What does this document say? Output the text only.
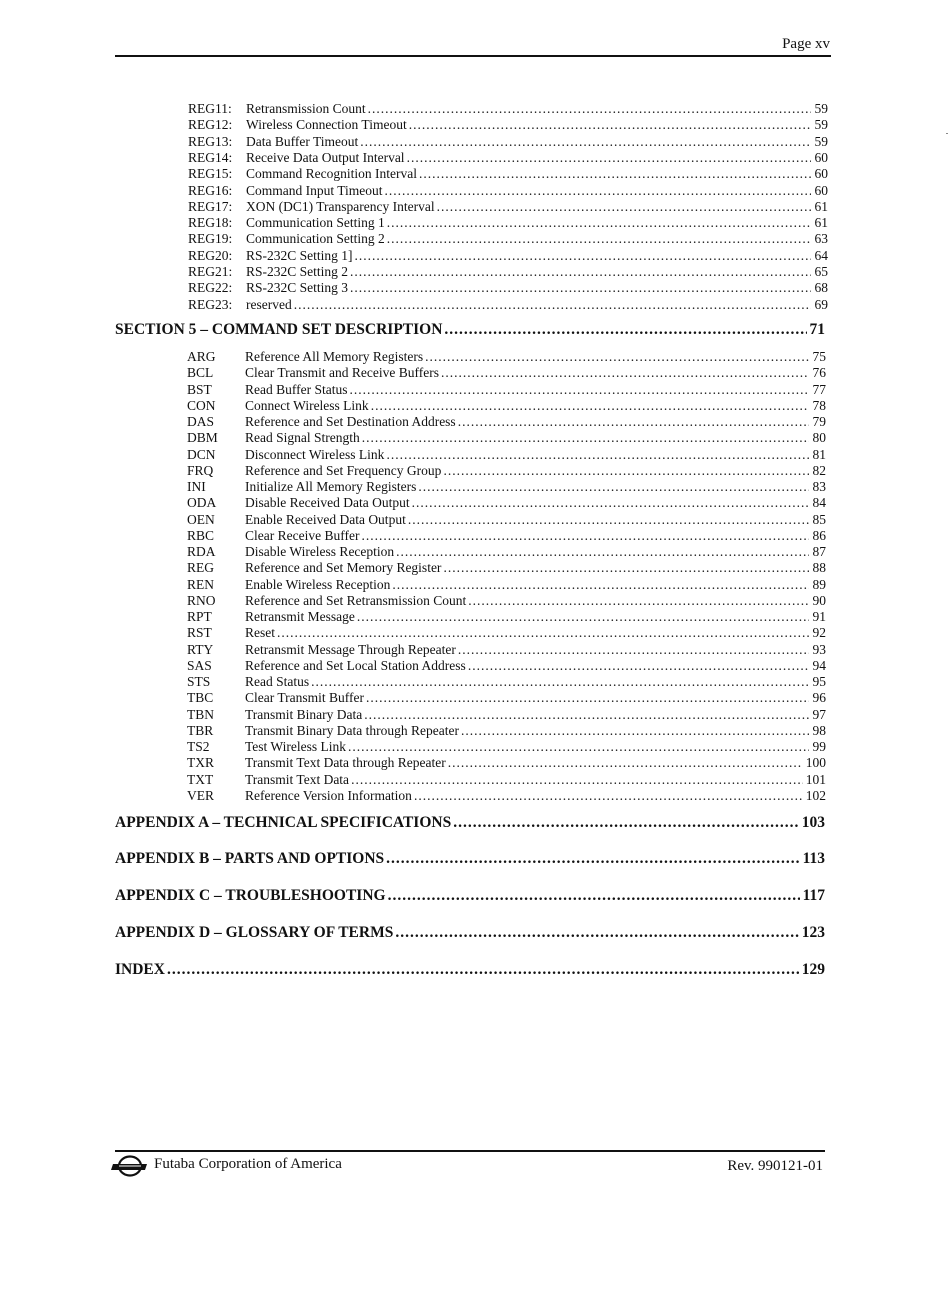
Page xv
REG11:	Retransmission Count .....	59
REG12:	Wireless Connection Timeout .....	59
REG13:	Data Buffer Timeout .....	59
REG14:	Receive Data Output Interval .....	60
REG15:	Command Recognition Interval .....	60
REG16:	Command Input Timeout .....	60
REG17:	XON (DC1) Transparency Interval .....	61
REG18:	Communication Setting 1 .....	61
REG19:	Communication Setting 2 .....	63
REG20:	RS-232C Setting 1] .....	64
REG21:	RS-232C Setting 2 .....	65
REG22:	RS-232C Setting 3 .....	68
REG23:	reserved .....	69
SECTION 5 – COMMAND SET DESCRIPTION .....	71
ARG	Reference All Memory Registers .....	75
BCL	Clear Transmit and Receive Buffers .....	76
BST	Read Buffer Status .....	77
CON	Connect Wireless Link .....	78
DAS	Reference and Set Destination Address .....	79
DBM	Read Signal Strength .....	80
DCN	Disconnect Wireless Link .....	81
FRQ	Reference and Set Frequency Group .....	82
INI	Initialize All Memory Registers .....	83
ODA	Disable Received Data Output .....	84
OEN	Enable Received Data Output .....	85
RBC	Clear Receive Buffer .....	86
RDA	Disable Wireless Reception .....	87
REG	Reference and Set Memory Register .....	88
REN	Enable Wireless Reception .....	89
RNO	Reference and Set Retransmission Count .....	90
RPT	Retransmit Message .....	91
RST	Reset .....	92
RTY	Retransmit Message Through Repeater .....	93
SAS	Reference and Set Local Station Address .....	94
STS	Read Status .....	95
TBC	Clear Transmit Buffer .....	96
TBN	Transmit Binary Data .....	97
TBR	Transmit Binary Data through Repeater .....	98
TS2	Test Wireless Link .....	99
TXR	Transmit Text Data through Repeater .....	100
TXT	Transmit Text Data .....	101
VER	Reference Version Information .....	102
APPENDIX A – TECHNICAL SPECIFICATIONS .....	103
APPENDIX B – PARTS AND OPTIONS .....	113
APPENDIX C – TROUBLESHOOTING .....	117
APPENDIX D – GLOSSARY OF TERMS .....	123
INDEX .....	129
Futaba Corporation of America	Rev. 990121-01
